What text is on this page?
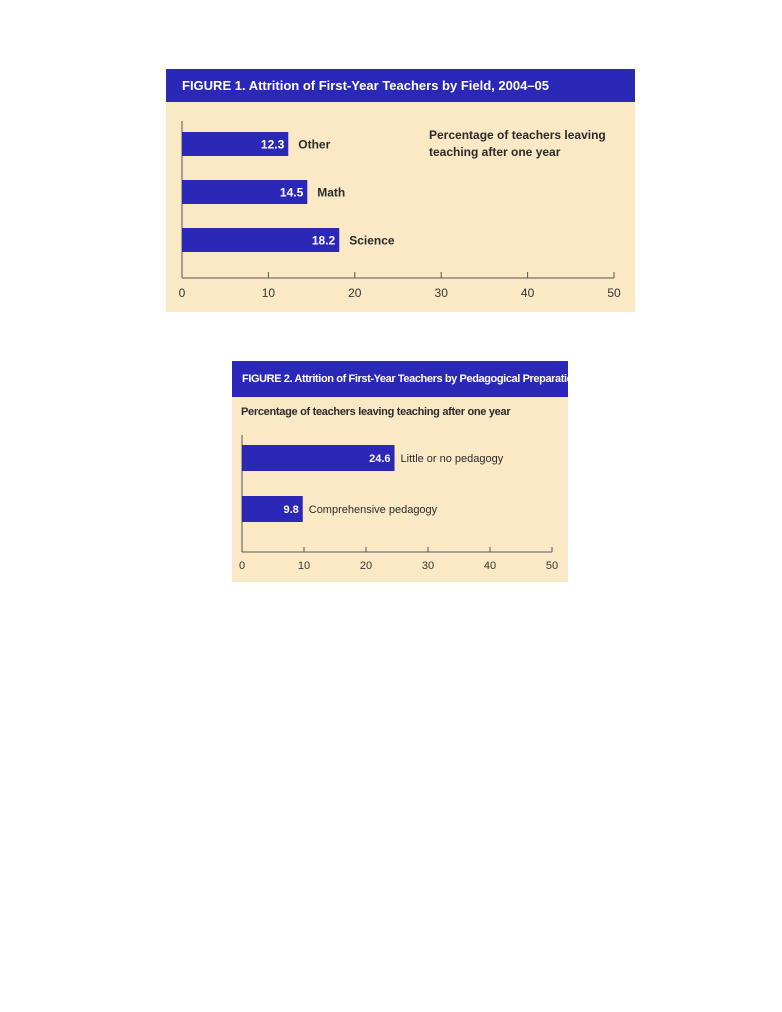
FIGURE 1. Attrition of First-Year Teachers by Field, 2004–05
Percentage of teachers leaving teaching after one year
0	10	20	30	40	50
12.3 Other
14.5 Math
18.2 Science
FIGURE 2. Attrition of First-Year Teachers by Pedagogical Preparation, 2004–05
Percentage of teachers leaving teaching after one year
0	10	20	30	40	50
24.6 Little or no pedagogy
9.8 Comprehensive pedagogy
